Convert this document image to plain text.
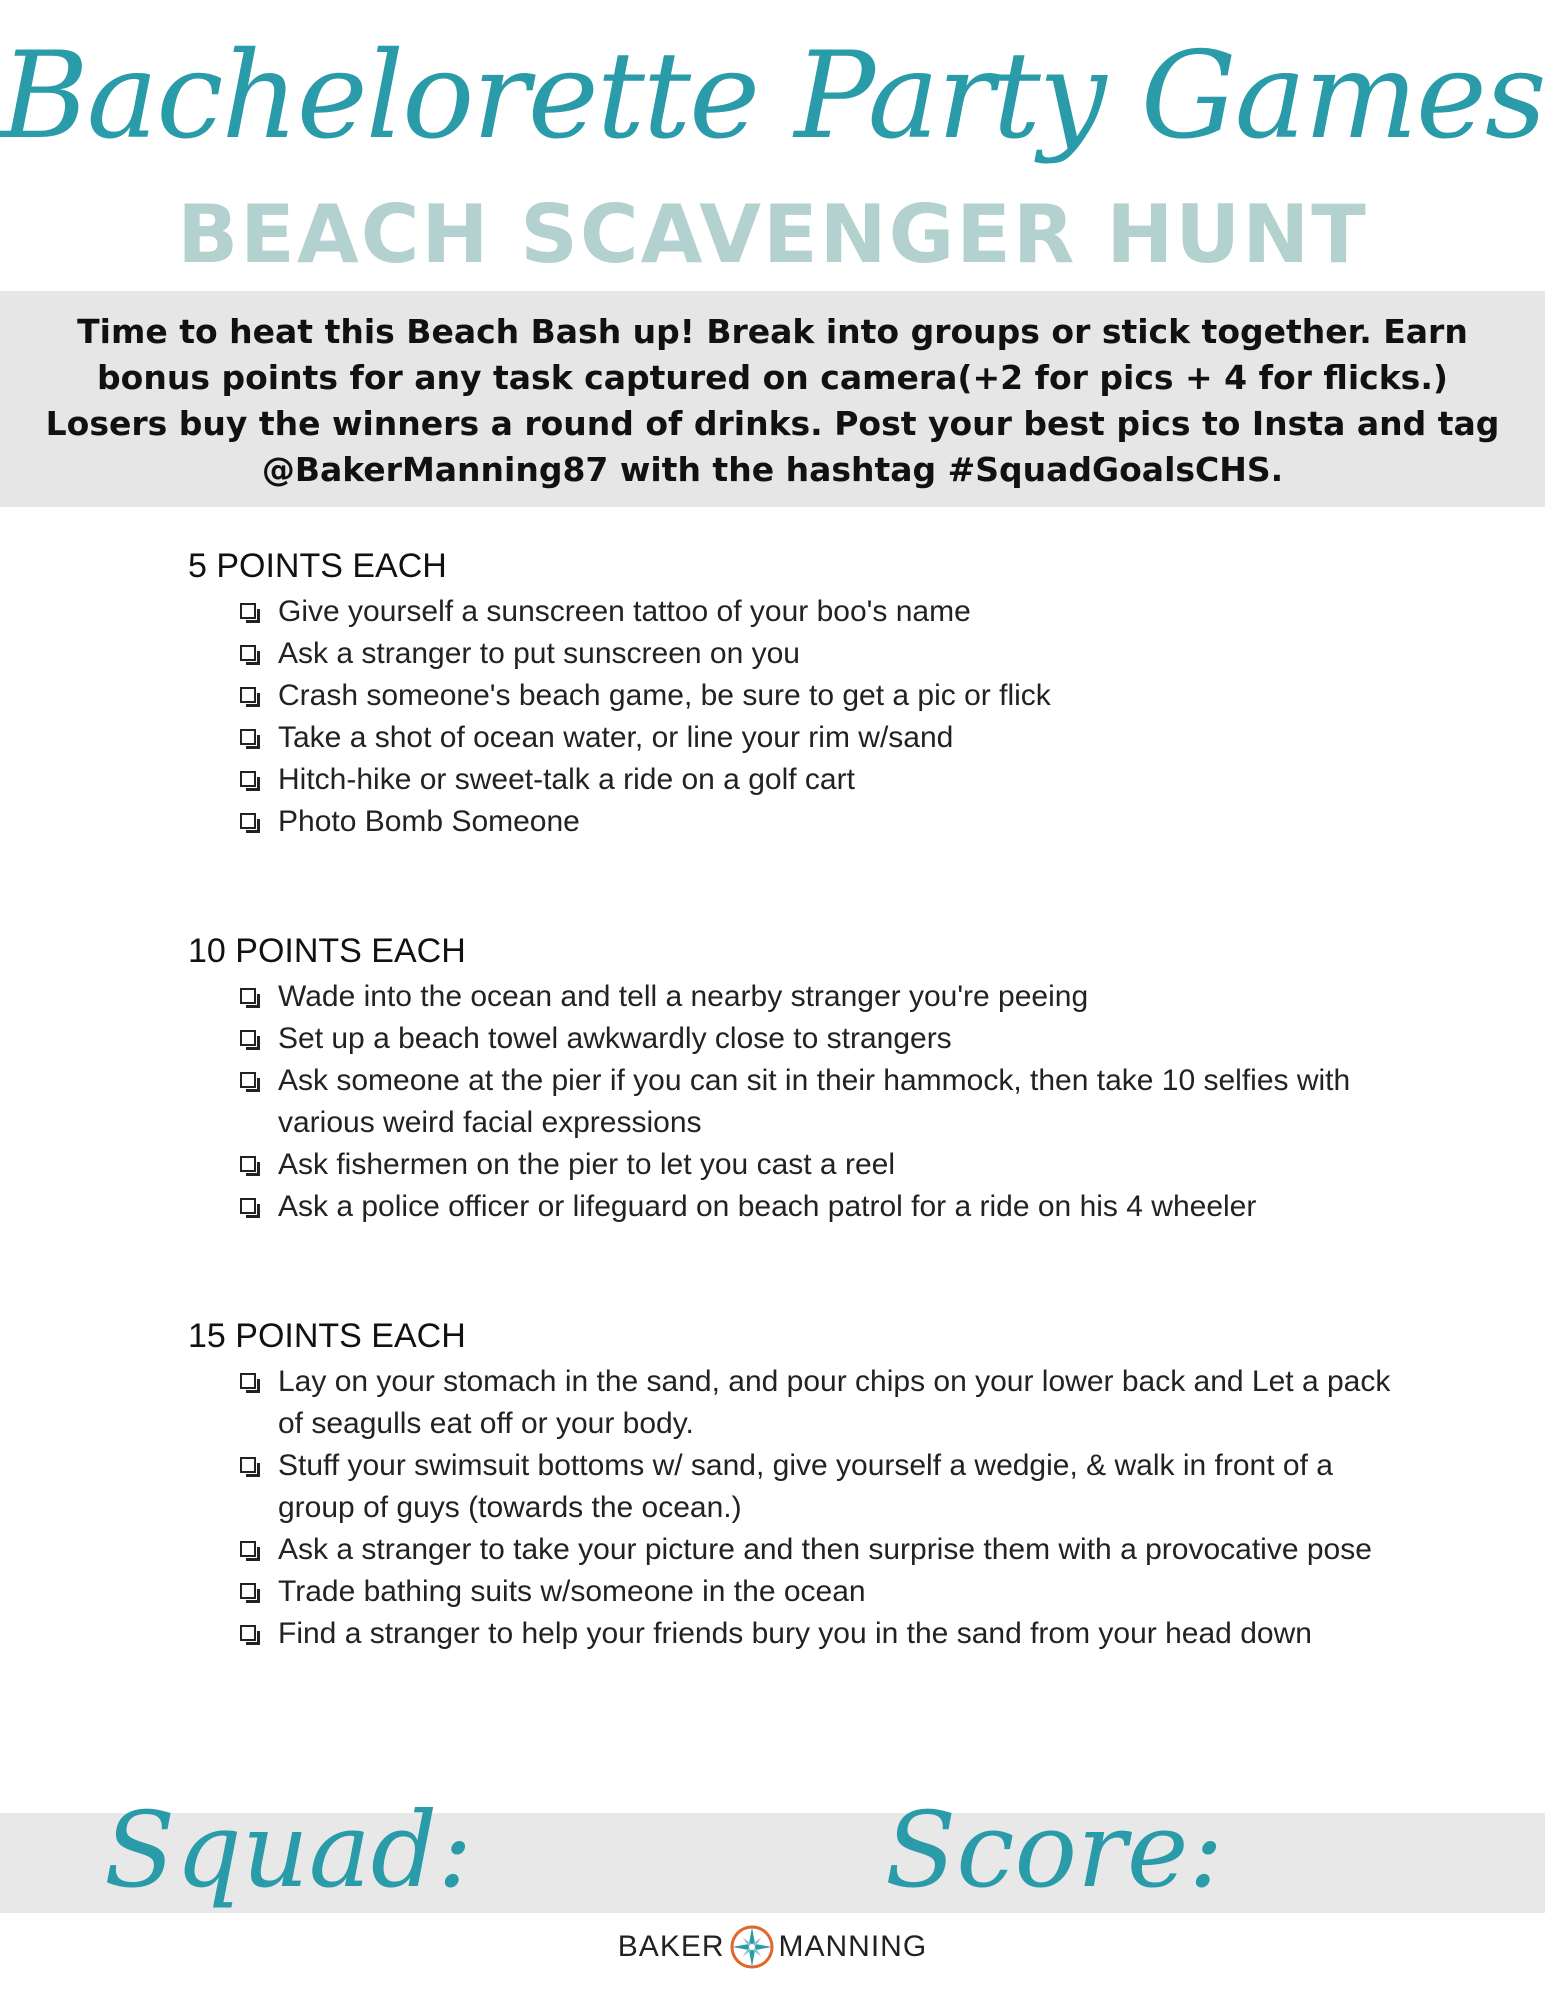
Bachelorette Party Games
BEACH SCAVENGER HUNT
Time to heat this Beach Bash up! Break into groups or stick together. Earn bonus points for any task captured on camera(+2 for pics + 4 for flicks.) Losers buy the winners a round of drinks. Post your best pics to Insta and tag @BakerManning87 with the hashtag #SquadGoalsCHS.
5 POINTS EACH
Give yourself a sunscreen tattoo of your boo's name
Ask a stranger to put sunscreen on you
Crash someone's beach game, be sure to get a pic or flick
Take a shot of ocean water, or line your rim w/sand
Hitch-hike or sweet-talk a ride on a golf cart
Photo Bomb Someone
10 POINTS EACH
Wade into the ocean and tell a nearby stranger you're peeing
Set up a beach towel awkwardly close to strangers
Ask someone at the pier if you can sit in their hammock, then take 10 selfies with various weird facial expressions
Ask fishermen on the pier to let you cast a reel
Ask a police officer or lifeguard on beach patrol for a ride on his 4 wheeler
15 POINTS EACH
Lay on your stomach in the sand, and pour chips on your lower back and Let a pack of seagulls eat off or your body.
Stuff your swimsuit bottoms w/ sand, give yourself a wedgie, & walk in front of a group of guys (towards the ocean.)
Ask a stranger to take your picture and then surprise them with a provocative pose
Trade bathing suits w/someone in the ocean
Find a stranger to help your friends bury you in the sand from your head down
Squad:	Score:
BAKER MANNING
